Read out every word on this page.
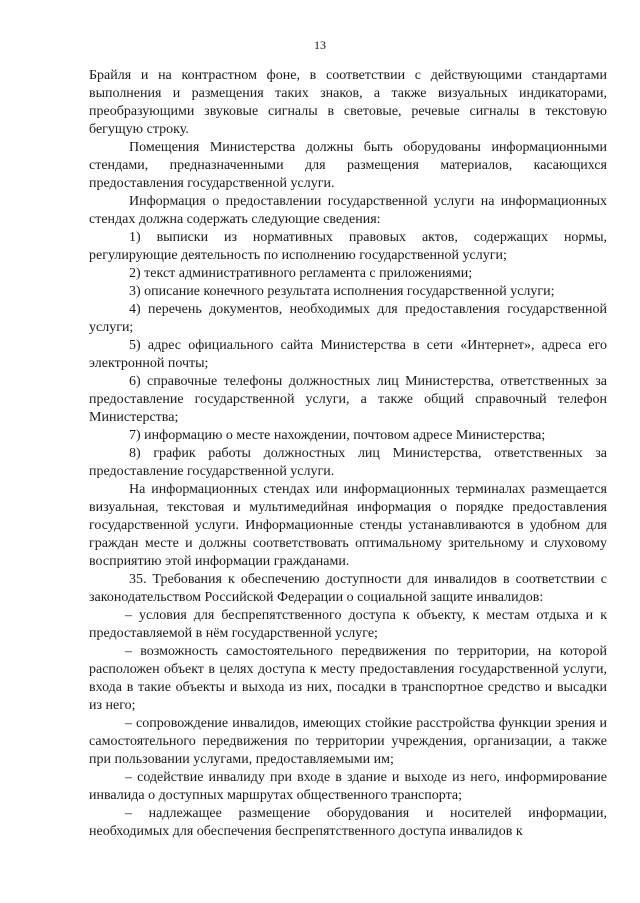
13

Брайля и на контрастном фоне, в соответствии с действующими стандартами выполнения и размещения таких знаков, а также визуальных индикаторами, преобразующими звуковые сигналы в световые, речевые сигналы в текстовую бегущую строку.

Помещения Министерства должны быть оборудованы информационными стендами, предназначенными для размещения материалов, касающихся предоставления государственной услуги.

Информация о предоставлении государственной услуги на информационных стендах должна содержать следующие сведения:

1) выписки из нормативных правовых актов, содержащих нормы, регулирующие деятельность по исполнению государственной услуги;

2) текст административного регламента с приложениями;

3) описание конечного результата исполнения государственной услуги;

4) перечень документов, необходимых для предоставления государственной услуги;

5) адрес официального сайта Министерства в сети «Интернет», адреса его электронной почты;

6) справочные телефоны должностных лиц Министерства, ответственных за предоставление государственной услуги, а также общий справочный телефон Министерства;

7) информацию о месте нахождении, почтовом адресе Министерства;

8) график работы должностных лиц Министерства, ответственных за предоставление государственной услуги.

На информационных стендах или информационных терминалах размещается визуальная, текстовая и мультимедийная информация о порядке предоставления государственной услуги. Информационные стенды устанавливаются в удобном для граждан месте и должны соответствовать оптимальному зрительному и слуховому восприятию этой информации гражданами.

35. Требования к обеспечению доступности для инвалидов в соответствии с законодательством Российской Федерации о социальной защите инвалидов:

– условия для беспрепятственного доступа к объекту, к местам отдыха и к предоставляемой в нём государственной услуге;

– возможность самостоятельного передвижения по территории, на которой расположен объект в целях доступа к месту предоставления государственной услуги, входа в такие объекты и выхода из них, посадки в транспортное средство и высадки из него;

– сопровождение инвалидов, имеющих стойкие расстройства функции зрения и самостоятельного передвижения по территории учреждения, организации, а также при пользовании услугами, предоставляемыми им;

– содействие инвалиду при входе в здание и выходе из него, информирование инвалида о доступных маршрутах общественного транспорта;

– надлежащее размещение оборудования и носителей информации, необходимых для обеспечения беспрепятственного доступа инвалидов к
